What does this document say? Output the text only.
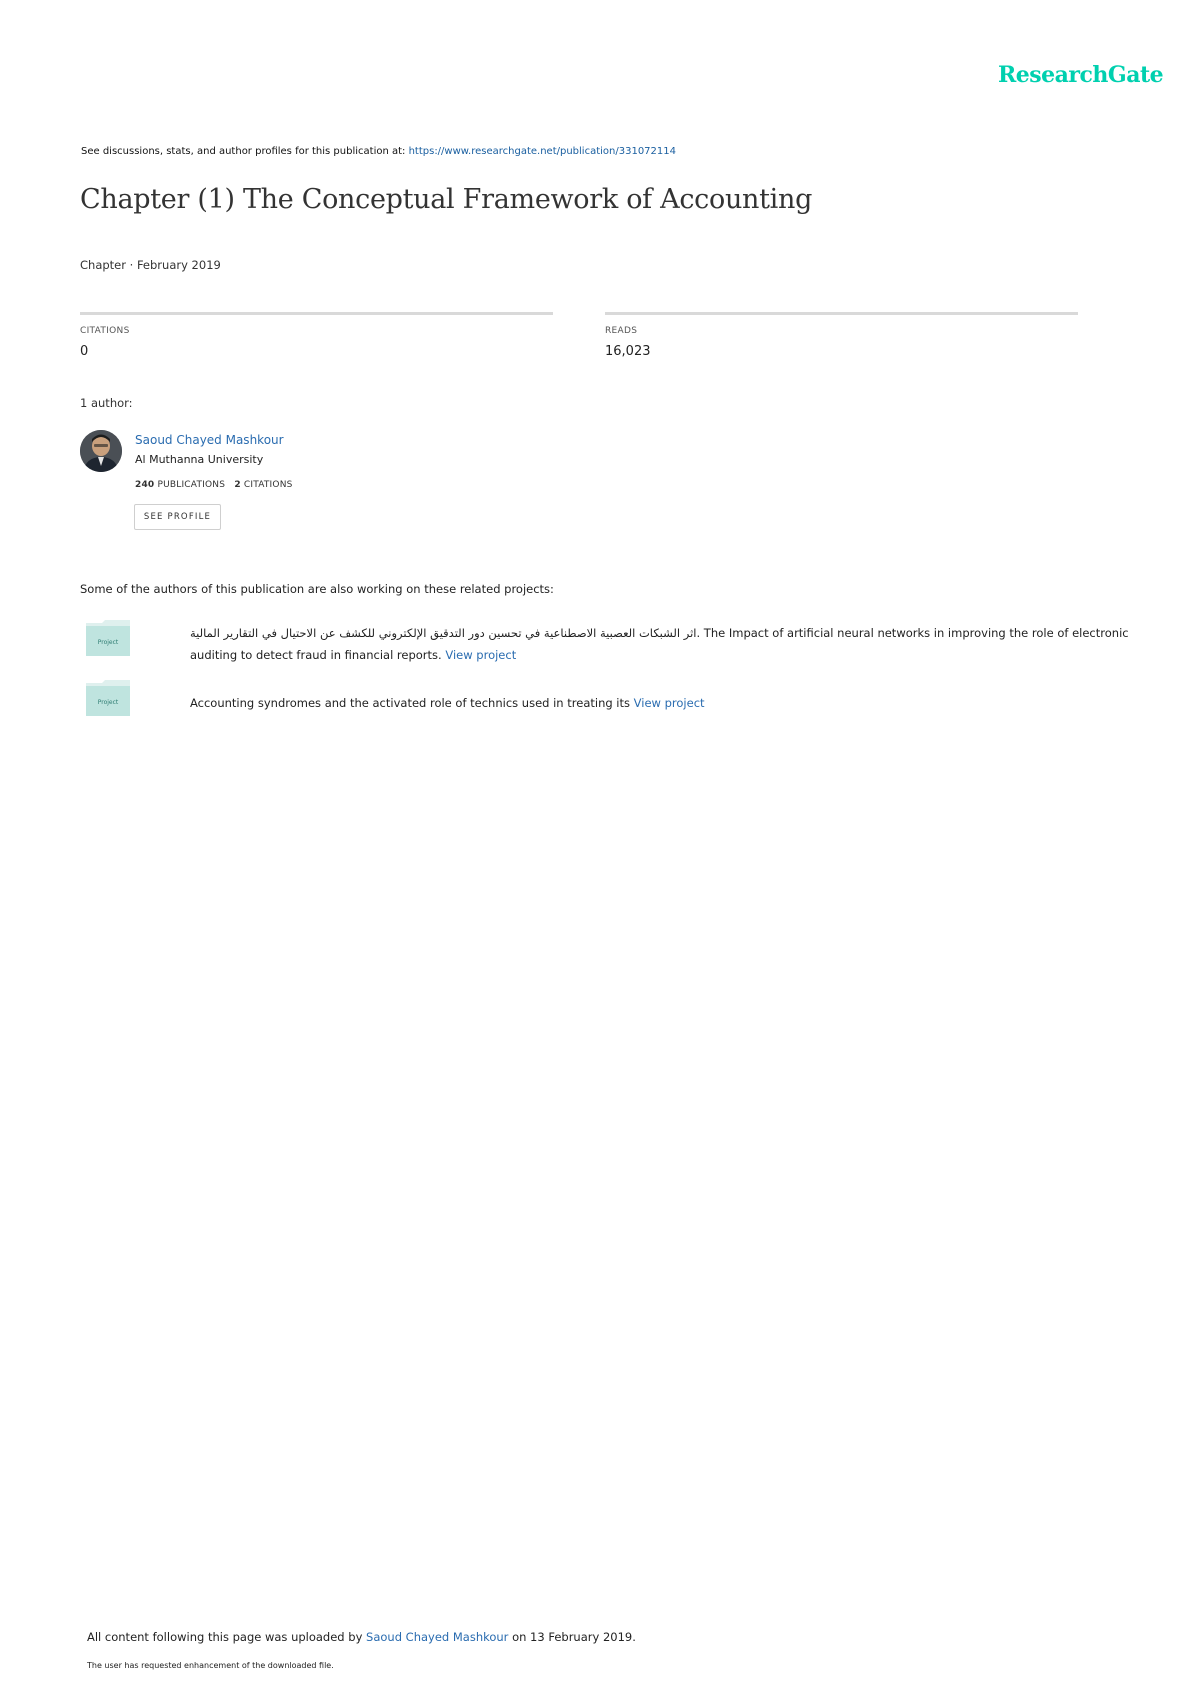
ResearchGate
See discussions, stats, and author profiles for this publication at: https://www.researchgate.net/publication/331072114
Chapter (1) The Conceptual Framework of Accounting
Chapter · February 2019
CITATIONS
0
READS
16,023
1 author:
Saoud Chayed Mashkour
Al Muthanna University
240 PUBLICATIONS 2 CITATIONS
SEE PROFILE
Some of the authors of this publication are also working on these related projects:
Project
اثر الشبكات العصبية الاصطناعية في تحسين دور التدقيق الإلكتروني للكشف عن الاحتيال في التقارير المالية. The Impact of artificial neural networks in improving the role of electronic auditing to detect fraud in financial reports. View project
Project	Accounting syndromes and the activated role of technics used in treating its View project
All content following this page was uploaded by Saoud Chayed Mashkour on 13 February 2019.
The user has requested enhancement of the downloaded file.
